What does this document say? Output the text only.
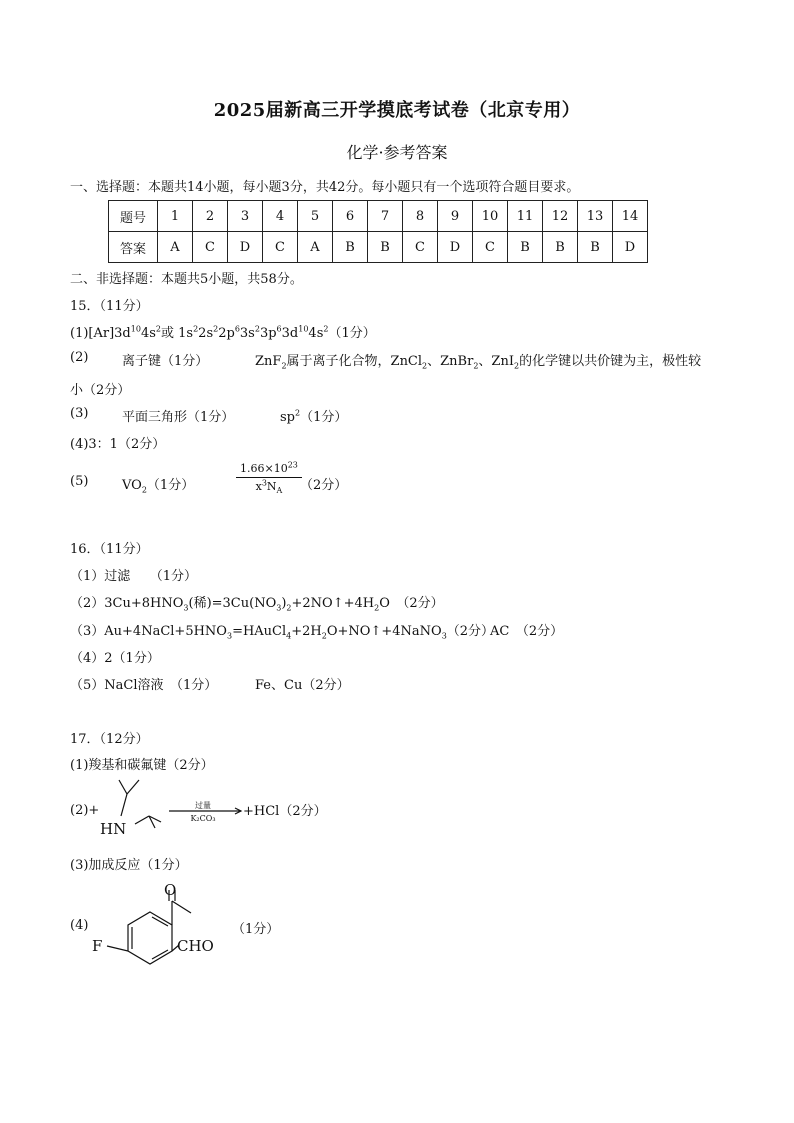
2025届新高三开学摸底考试卷（北京专用）
化学·参考答案
一、选择题：本题共14小题，每小题3分，共42分。每小题只有一个选项符合题目要求。
题号	1	2	3	4	5	6	7	8	9	10	11	12	13	14
答案	A	C	D	C	A	B	B	C	D	C	B	B	B	D
二、非选择题：本题共5小题，共58分。
15．（11分）
$(1)[Ar]3d^{10}4s^2$或 $1s^22s^22p^63s^23p^63d^{10}4s^2(1$分）
(2)	离子键（1分）	ZnF$_2$属于离子化合物，ZnCl$_2$、ZnBr$_2$、ZnI$_2$的化学键以共价键为主，极性较
小（2分）
(3)	平面三角形（1分）	$sp^2(1$分）
(4)3：1（2分）
(5)	$VO_2(1$分）	$\frac{1.66\times 10^{23}}{x^3N_A}$
（2分）
16．（11分）
（1）过滤　　（1分）
$(2)3Cu+8HNO_3$(稀)$=3Cu(NO_3)_2+2NO↑+4H_2O$　（2分）
$(3)Au+4NaCl+5HNO_3=HAuCl_4+2H_2O+NO↑+4NaNO_3(2$分）
AC　（2分）
（4）2（1分）
（5）NaCl溶液　（1分）	Fe、Cu（2分）
17．（12分）
(1)羧基和碳氟键（2分）
(2)+
HN
过量
K₂CO₃ +HCl（2分）
(3)加成反应（1分）
(4)
O
F	CHO
（1分）
